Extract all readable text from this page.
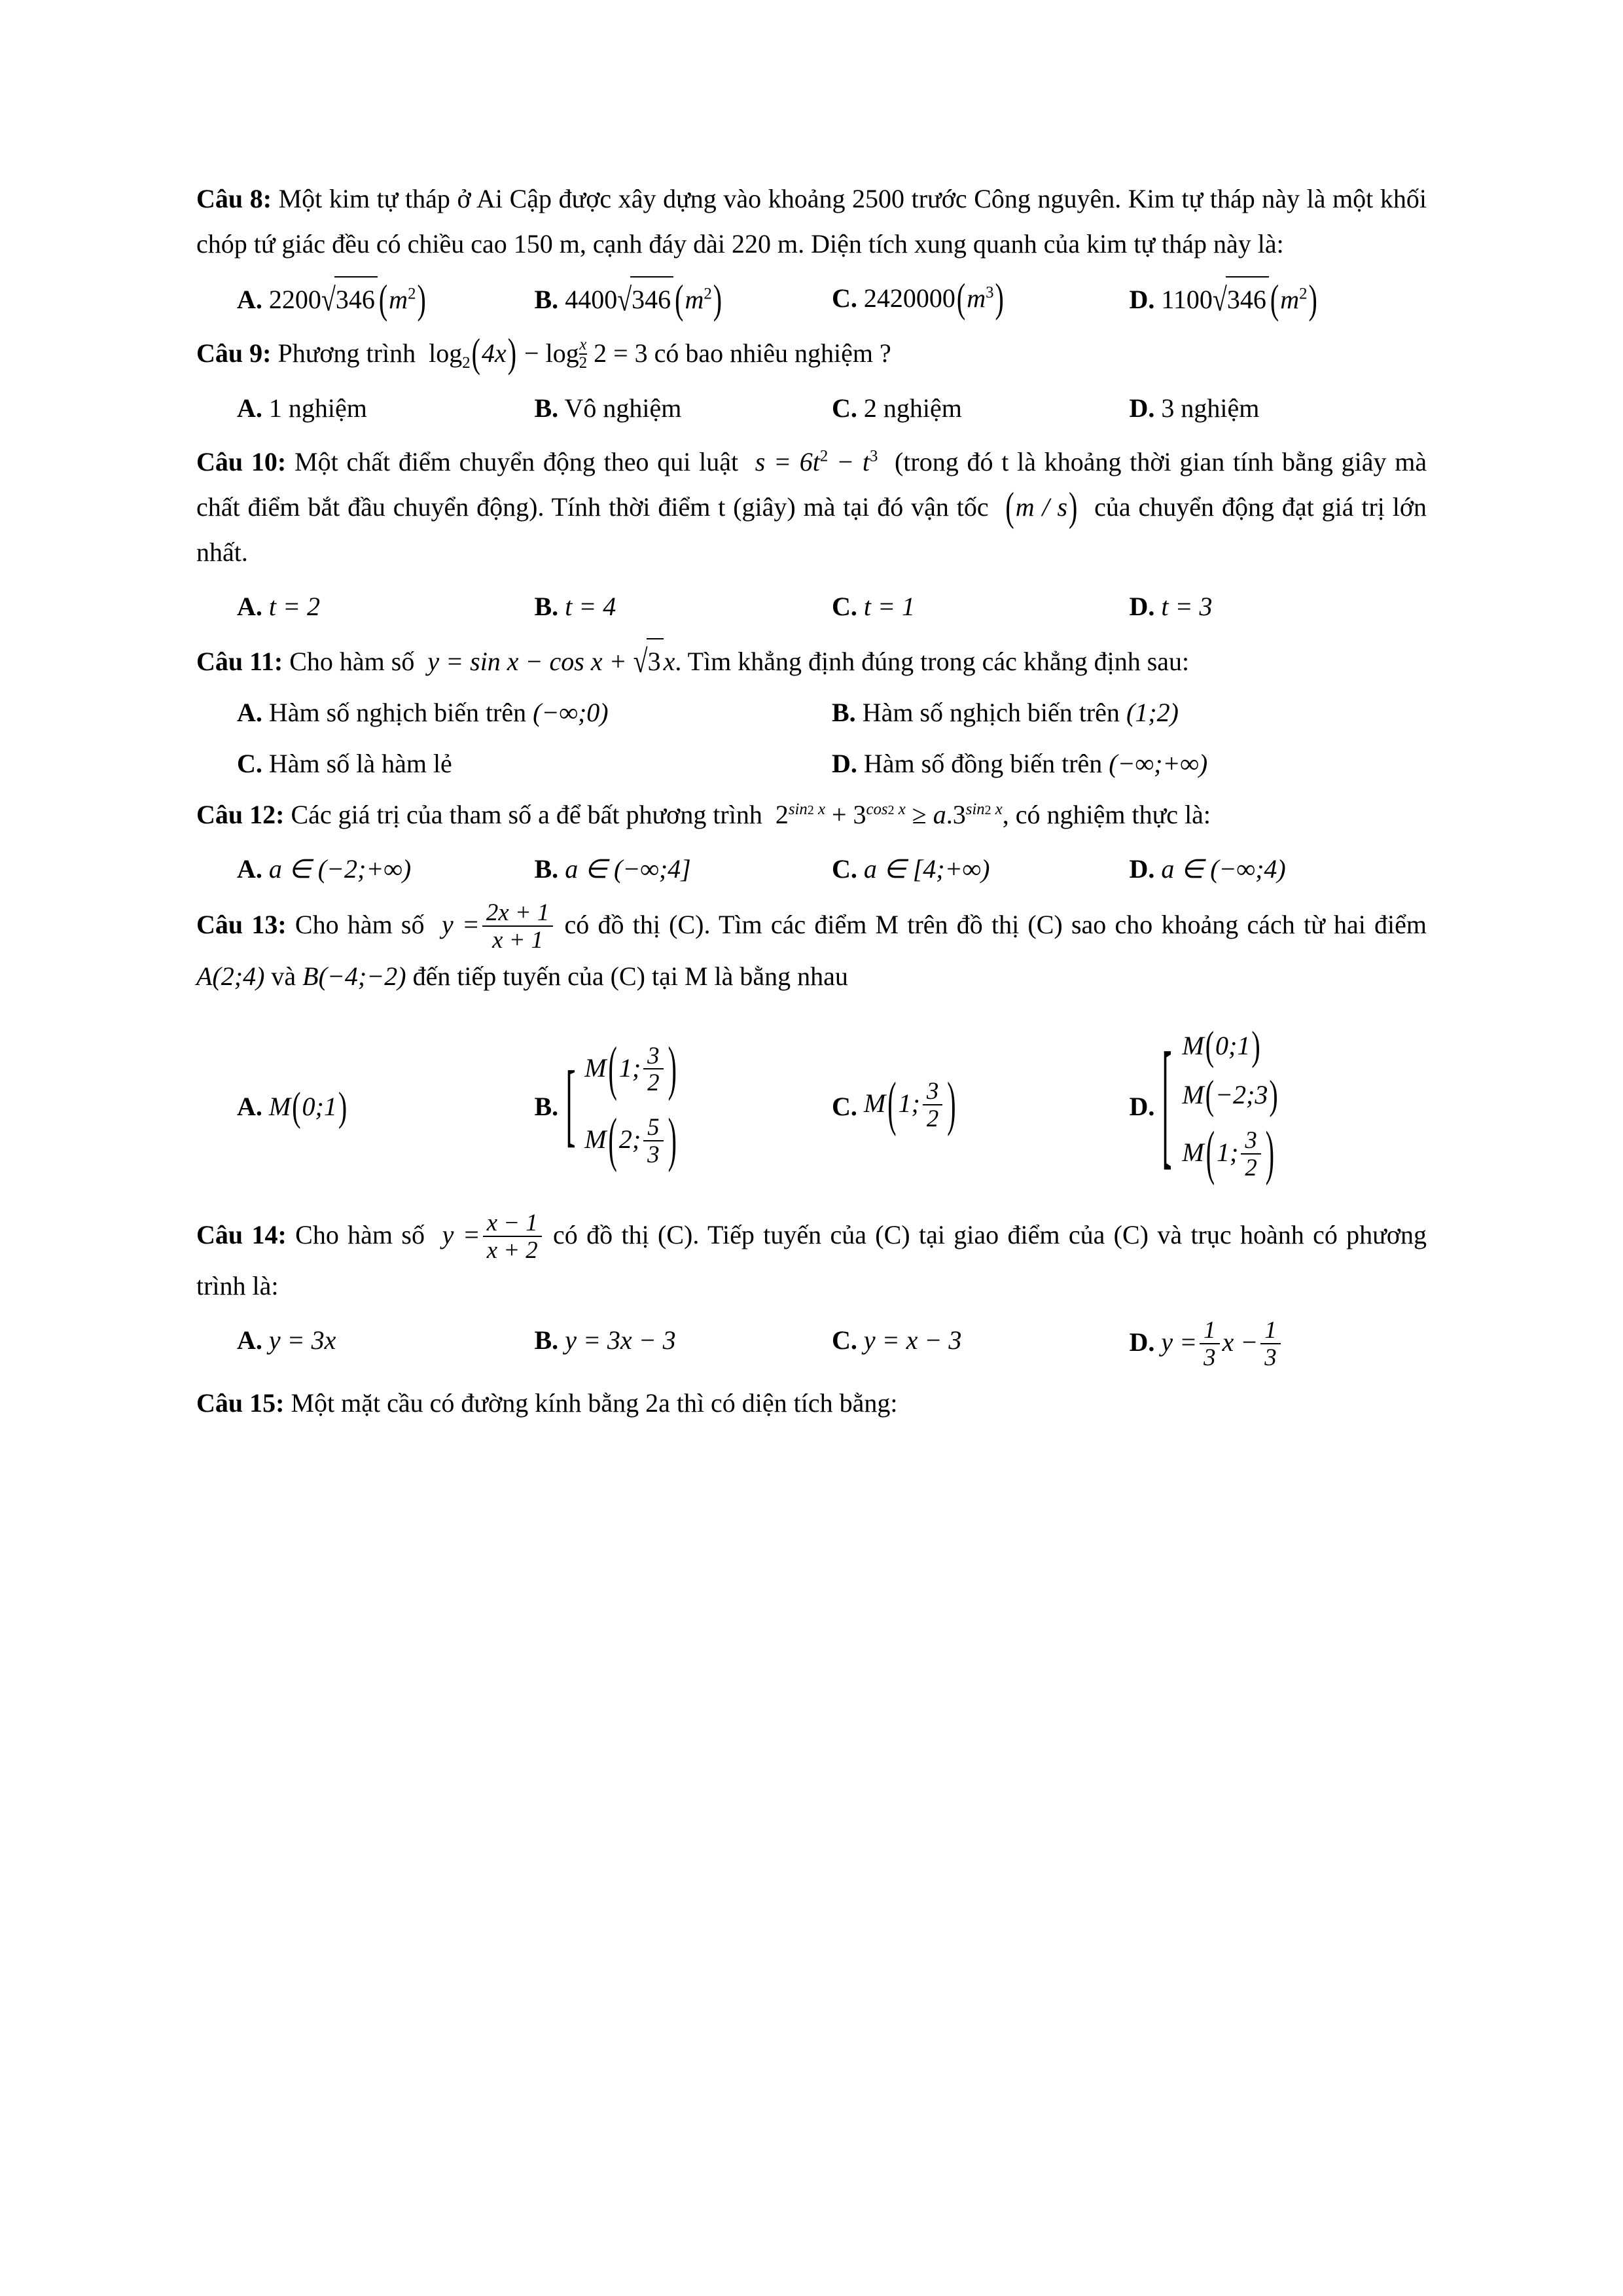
Câu 8: Một kim tự tháp ở Ai Cập được xây dựng vào khoảng 2500 trước Công nguyên. Kim tự tháp này là một khối chóp tứ giác đều có chiều cao 150 m, cạnh đáy dài 220 m. Diện tích xung quanh của kim tự tháp này là:

A. 2200√346 $(m^2)$	B. 4400√346 $(m^2)$	C. $2420000(m^3)$	D. 1100√346 $(m^2)$

Câu 9: Phương trình  $\log_2(4x) - \log\frac{x}{2} 2 = 3$ có bao nhiêu nghiệm ?

A. 1 nghiệm	B. Vô nghiệm	C. 2 nghiệm	D. 3 nghiệm

Câu 10: Một chất điểm chuyển động theo qui luật  $s = 6t^2 - t^3$ (trong đó t là khoảng thời gian tính bằng giây mà chất điểm bắt đầu chuyển động). Tính thời điểm t (giây) mà tại đó vận tốc (m / s) của chuyển động đạt giá trị lớn nhất.

A. t = 2	B. t = 4	C. t = 1	D. t = 3

Câu 11: Cho hàm số  y = sin x − cos x + √3 x. Tìm khẳng định đúng trong các khẳng định sau:

A. Hàm số nghịch biến trên (−∞;0)	B. Hàm số nghịch biến trên (1;2)
C. Hàm số là hàm lẻ	D. Hàm số đồng biến trên (−∞;+∞)

Câu 12: Các giá trị của tham số a để bất phương trình  $2^{sin2 x} + 3^{cos2 x} \ge a.3^{sin2 x}$, có nghiệm thực là:

A. a ∈ (−2;+∞)	B. a ∈ (−∞;4]	C. a ∈ [4;+∞)	D. a ∈ (−∞;4)

Câu 13: Cho hàm số  $y = \frac{2x + 1}{x + 1}$ có đồ thị (C). Tìm các điểm M trên đồ thị (C) sao cho khoảng cách từ hai điểm A(2;4) và B(−4;−2) đến tiếp tuyến của (C) tại M là bằng nhau

A.
M(0;1)	B.
[ M(1; $\frac{3}{2}$ )
M(2; $\frac{5}{3}$ )	C.
M(1; $\frac{3}{2}$ )	D.
[ M(0;1)
M(−2;3)
M(1; $\frac{3}{2}$ )

Câu 14: Cho hàm số  $y = \frac{x - 1}{x + 2}$ có đồ thị (C). Tiếp tuyến của (C) tại giao điểm của (C) và trục hoành có phương trình là:

A. y = 3x	B. y = 3x − 3	C. y = x − 3	D. $y = \frac{1}{3}$ $x - \frac{1}{3}$

Câu 15: Một mặt cầu có đường kính bằng 2a thì có diện tích bằng:
